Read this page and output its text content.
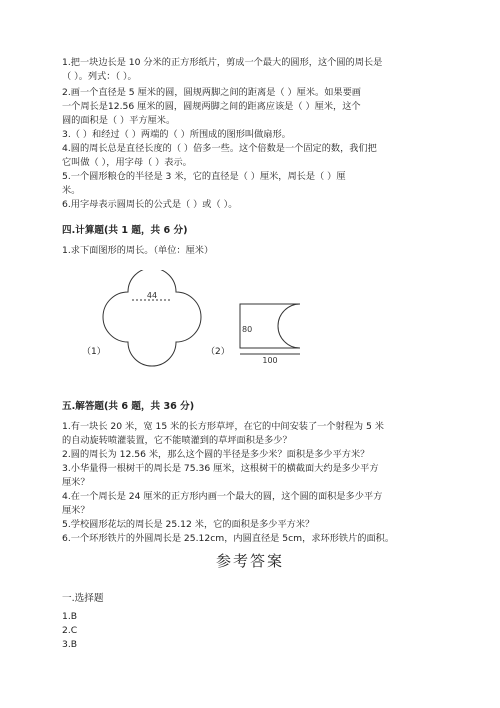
1.把一块边长是 10 分米的正方形纸片，剪成一个最大的圆形，这个圆的周长是
（ ）。列式：（ ）。
2.画一个直径是 5 厘米的圆，圆规两脚之间的距离是（ ）厘米。如果要画
一个周长是12.56 厘米的圆，圆规两脚之间的距离应该是（ ）厘米，这个
圆的面积是（ ）平方厘米。
3.（ ）和经过（ ）两端的（ ）所围成的图形叫做扇形。
4.圆的周长总是直径长度的（ ）倍多一些。这个倍数是一个固定的数，我们把
它叫做（ ），用字母（ ）表示。
5.一个圆形粮仓的半径是 3 米，它的直径是（ ）厘米，周长是（ ）厘
米。
6.用字母表示圆周长的公式是（ ）或（ ）。
四.计算题(共 1 题，共 6 分)
1.求下面图形的周长。（单位：厘米）
44
（1）
80
100
（2）
五.解答题(共 6 题，共 36 分)
1.有一块长 20 米，宽 15 米的长方形草坪，在它的中间安装了一个射程为 5 米
的自动旋转喷灌装置，它不能喷灌到的草坪面积是多少？
2.圆的周长为 12.56 米，那么这个圆的半径是多少米？面积是多少平方米？
3.小华量得一根树干的周长是 75.36 厘米，这根树干的横截面大约是多少平方
厘米？
4.在一个周长是 24 厘米的正方形内画一个最大的圆，这个圆的面积是多少平方
厘米？
5.学校圆形花坛的周长是 25.12 米，它的面积是多少平方米？
6.一个环形铁片的外圆周长是 25.12cm，内圆直径是 5cm，求环形铁片的面积。
参考答案
一.选择题
1.B
2.C
3.B
